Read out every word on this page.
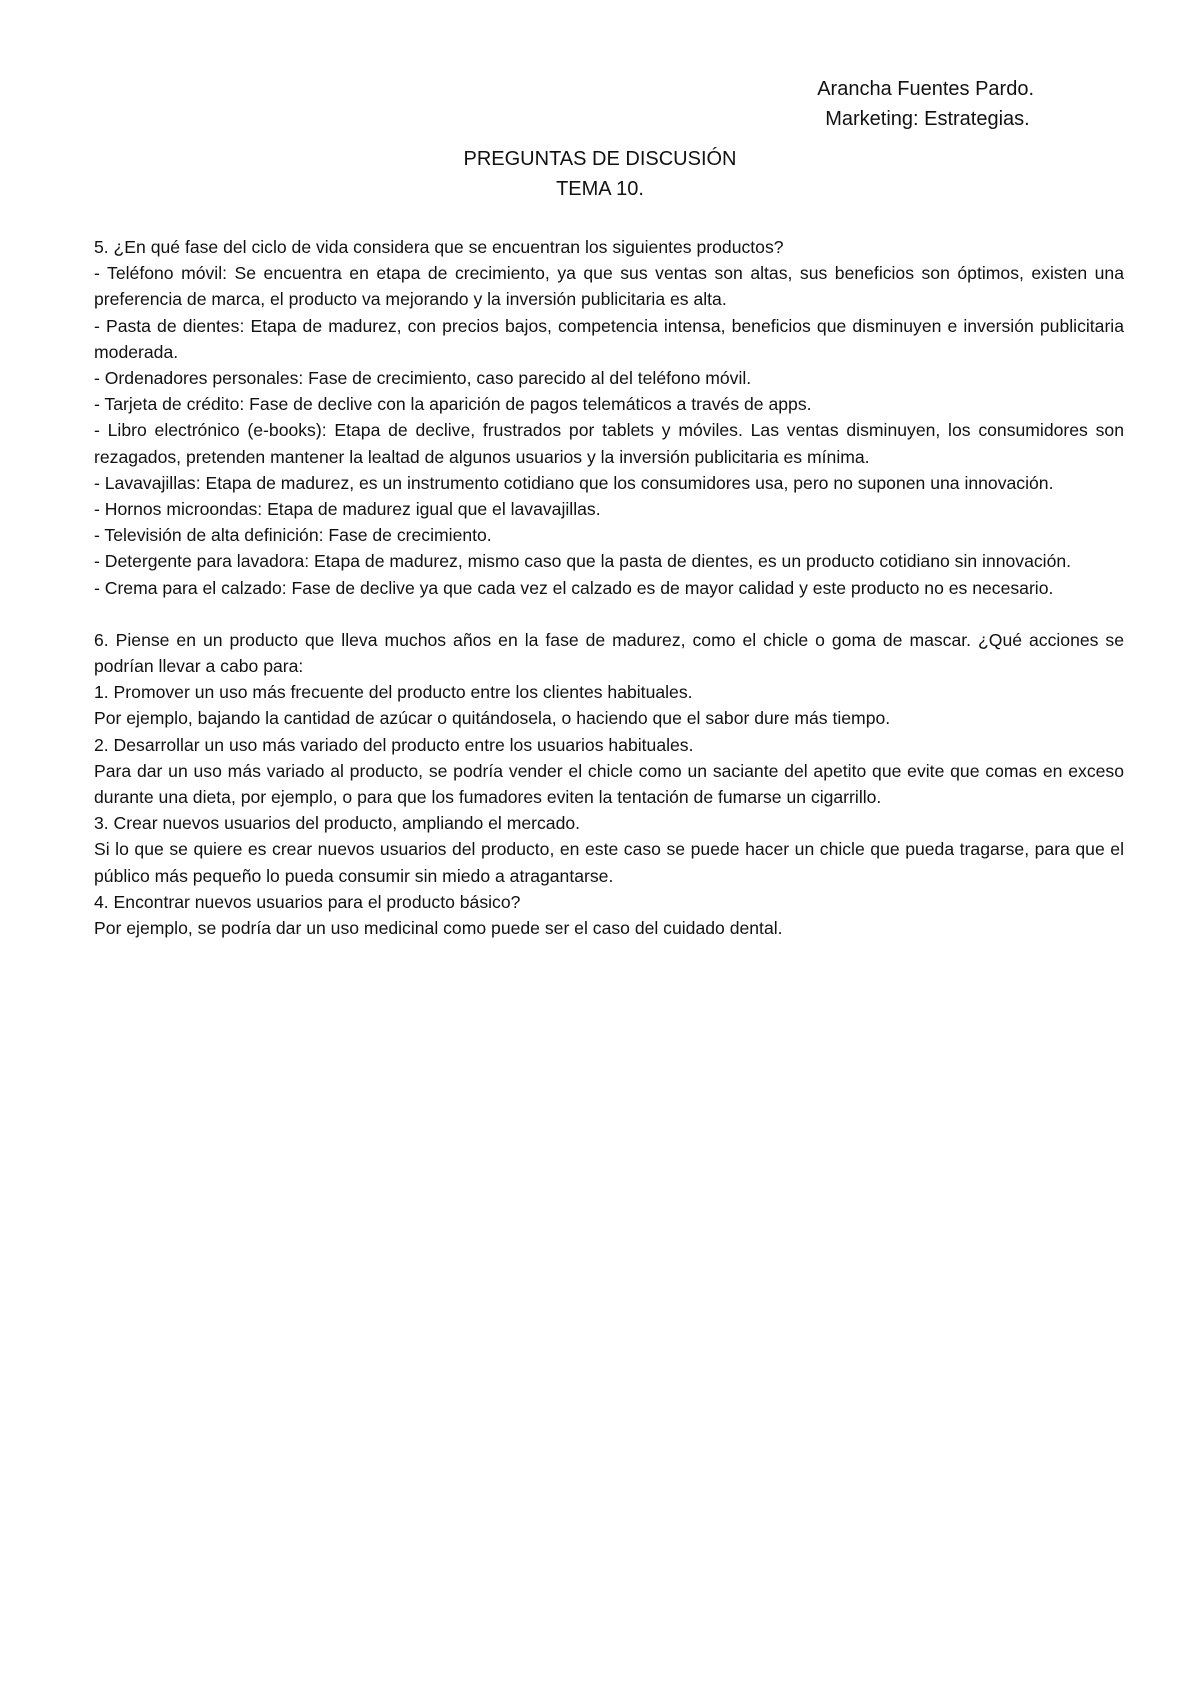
Arancha Fuentes Pardo.
Marketing: Estrategias.
PREGUNTAS DE DISCUSIÓN
TEMA 10.

5. ¿En qué fase del ciclo de vida considera que se encuentran los siguientes productos?

- Teléfono móvil: Se encuentra en etapa de crecimiento, ya que sus ventas son altas, sus beneficios son óptimos, existen una preferencia de marca, el producto va mejorando y la inversión publicitaria es alta.

- Pasta de dientes: Etapa de madurez, con precios bajos, competencia intensa, beneficios que disminuyen e inversión publicitaria moderada.

- Ordenadores personales: Fase de crecimiento, caso parecido al del teléfono móvil.

- Tarjeta de crédito: Fase de declive con la aparición de pagos telemáticos a través de apps.

- Libro electrónico (e-books): Etapa de declive, frustrados por tablets y móviles. Las ventas disminuyen, los consumidores son rezagados, pretenden mantener la lealtad de algunos usuarios y la inversión publicitaria es mínima.

- Lavavajillas: Etapa de madurez, es un instrumento cotidiano que los consumidores usa, pero no suponen una innovación.

- Hornos microondas: Etapa de madurez igual que el lavavajillas.

- Televisión de alta definición: Fase de crecimiento.

- Detergente para lavadora: Etapa de madurez, mismo caso que la pasta de dientes, es un producto cotidiano sin innovación.

- Crema para el calzado: Fase de declive ya que cada vez el calzado es de mayor calidad y este producto no es necesario.

6. Piense en un producto que lleva muchos años en la fase de madurez, como el chicle o goma de mascar. ¿Qué acciones se podrían llevar a cabo para:

1. Promover un uso más frecuente del producto entre los clientes habituales.

Por ejemplo, bajando la cantidad de azúcar o quitándosela, o haciendo que el sabor dure más tiempo.

2. Desarrollar un uso más variado del producto entre los usuarios habituales.

Para dar un uso más variado al producto, se podría vender el chicle como un saciante del apetito que evite que comas en exceso durante una dieta, por ejemplo, o para que los fumadores eviten la tentación de fumarse un cigarrillo.

3. Crear nuevos usuarios del producto, ampliando el mercado.

Si lo que se quiere es crear nuevos usuarios del producto, en este caso se puede hacer un chicle que pueda tragarse, para que el público más pequeño lo pueda consumir sin miedo a atragantarse.

4. Encontrar nuevos usuarios para el producto básico?

Por ejemplo, se podría dar un uso medicinal como puede ser el caso del cuidado dental.
